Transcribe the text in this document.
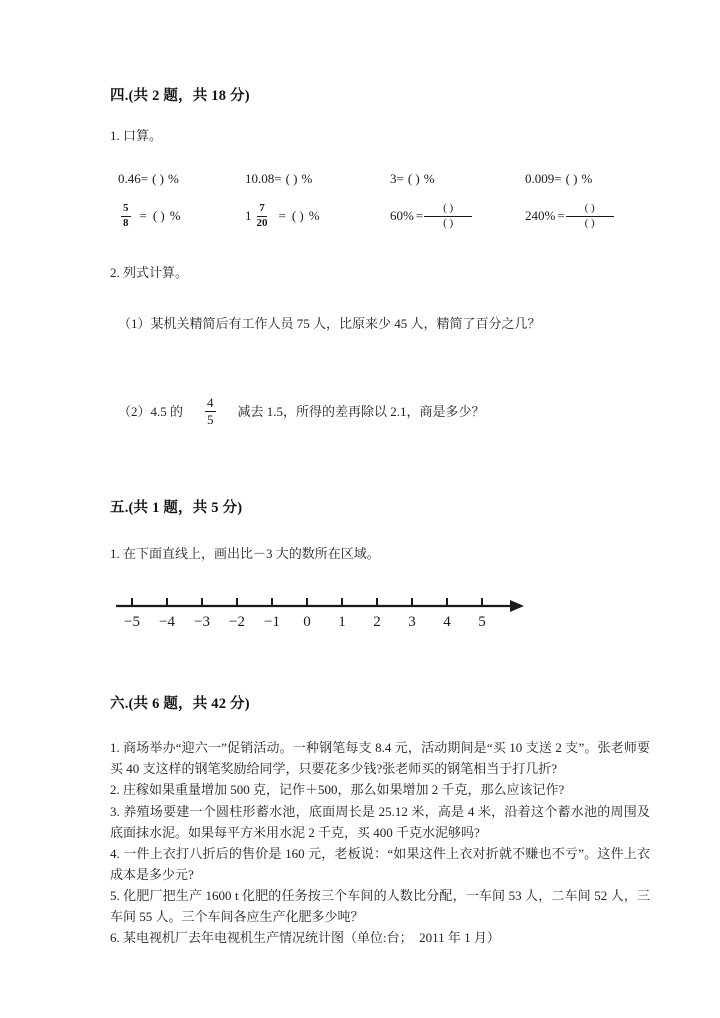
四.(共 2 题，共 18 分)
1. 口算。
0.46= ( ) %	10.08= ( ) %	3= ( ) %	0.009= ( ) %
$\frac{5}{8}$ = ( ) %	$1 \frac{7}{20}$ = ( ) %	$60\% = \frac{( )}{( )}$	$240\% = \frac{( )}{( )}$
2. 列式计算。
（1）某机关精简后有工作人员 75 人，比原来少 45 人，精简了百分之几？
（2）4.5 的 $\frac{4}{5}$ 减去 1.5，所得的差再除以 2.1，商是多少？
五.(共 1 题，共 5 分)
1. 在下面直线上，画出比－3 大的数所在区域。
−5 −4 −3 −2 −1 0 1 2 3 4 5
六.(共 6 题，共 42 分)
1. 商场举办“迎六一”促销活动。一种钢笔每支 8.4 元，活动期间是“买 10 支送 2 支”。张老师要买 40 支这样的钢笔奖励给同学，只要花多少钱?张老师买的钢笔相当于打几折?
2. 庄稼如果重量增加 500 克，记作＋500，那么如果增加 2 千克，那么应该记作?
3. 养殖场要建一个圆柱形蓄水池，底面周长是 25.12 米，高是 4 米，沿着这个蓄水池的周围及底面抹水泥。如果每平方米用水泥 2 千克，买 400 千克水泥够吗?
4. 一件上衣打八折后的售价是 160 元，老板说：“如果这件上衣对折就不赚也不亏”。这件上衣成本是多少元?
5. 化肥厂把生产 1600 t 化肥的任务按三个车间的人数比分配，一车间 53 人，二车间 52 人，三车间 55 人。三个车间各应生产化肥多少吨？
6. 某电视机厂去年电视机生产情况统计图（单位:台；　2011 年 1 月）
